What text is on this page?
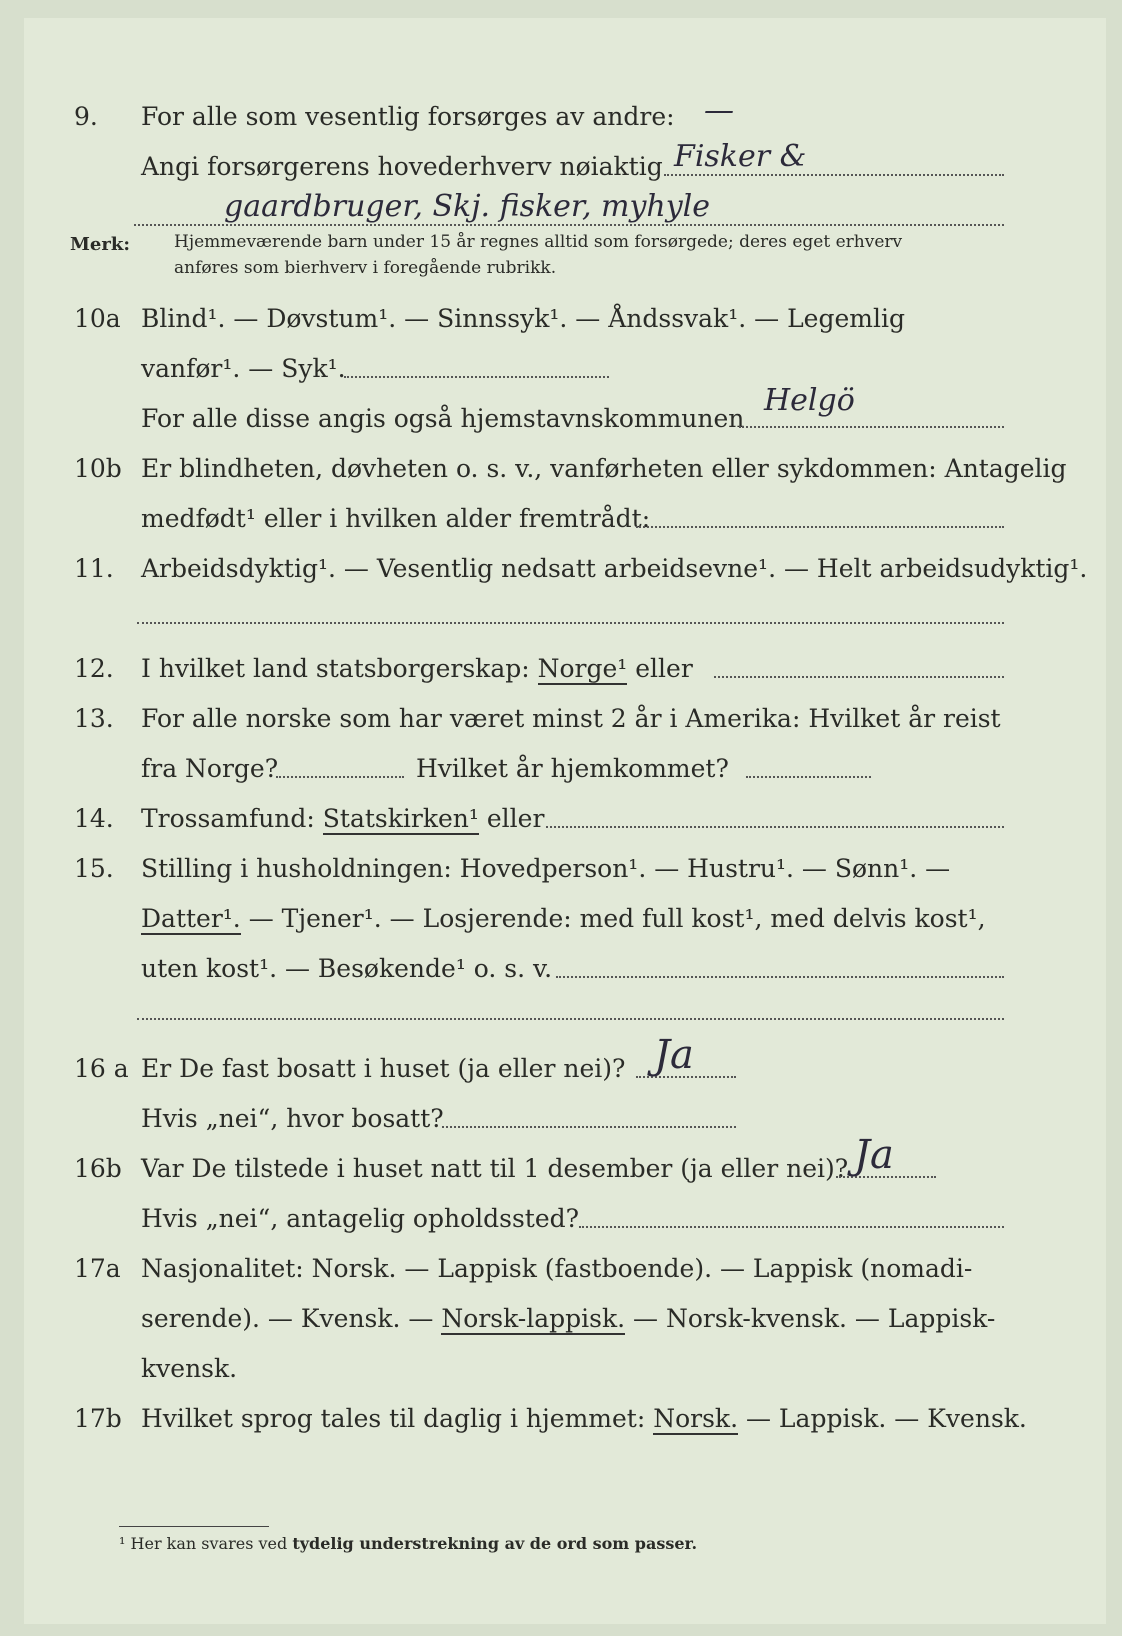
9.	For alle som vesentlig forsørges av andre: —
Angi forsørgerens hovederhverv nøiaktig Fisker &
gaardbruger, Skj. fisker, myhyle
Merk:	Hjemmeværende barn under 15 år regnes alltid som forsørgede; deres eget erhverv
anføres som bierhverv i foregående rubrikk.
10a Blind¹. — Døvstum¹. — Sinnssyk¹. — Åndssvak¹. — Legemlig
vanfør¹. — Syk¹.
For alle disse angis også hjemstavnskommunen
Helgö
10b Er blindheten, døvheten o. s. v., vanførheten eller sykdommen: Antagelig
medfødt¹ eller i hvilken alder fremtrådt:
11.	Arbeidsdyktig¹. — Vesentlig nedsatt arbeidsevne¹. — Helt arbeidsudyktig¹.
12.	I hvilket land statsborgerskap: Norge¹ eller
13.	For alle norske som har været minst 2 år i Amerika: Hvilket år reist
fra Norge?	Hvilket år hjemkommet?
14.	Trossamfund: Statskirken¹ eller
15.	Stilling i husholdningen: Hovedperson¹. — Hustru¹. — Sønn¹. —
Datter¹. — Tjener¹. — Losjerende: med full kost¹, med delvis kost¹,
uten kost¹. — Besøkende¹ o. s. v.
16 a Er De fast bosatt i huset (ja eller nei)? Ja
Hvis „nei“, hvor bosatt?
16b Var De tilstede i huset natt til 1 desember (ja eller nei)? Ja
Hvis „nei“, antagelig opholdssted?
17a Nasjonalitet: Norsk. — Lappisk (fastboende). — Lappisk (nomadi-
serende). — Kvensk. — Norsk-lappisk. — Norsk-kvensk. — Lappisk-
kvensk.
17b Hvilket sprog tales til daglig i hjemmet: Norsk. — Lappisk. — Kvensk.
¹ Her kan svares ved tydelig understrekning av de ord som passer.
